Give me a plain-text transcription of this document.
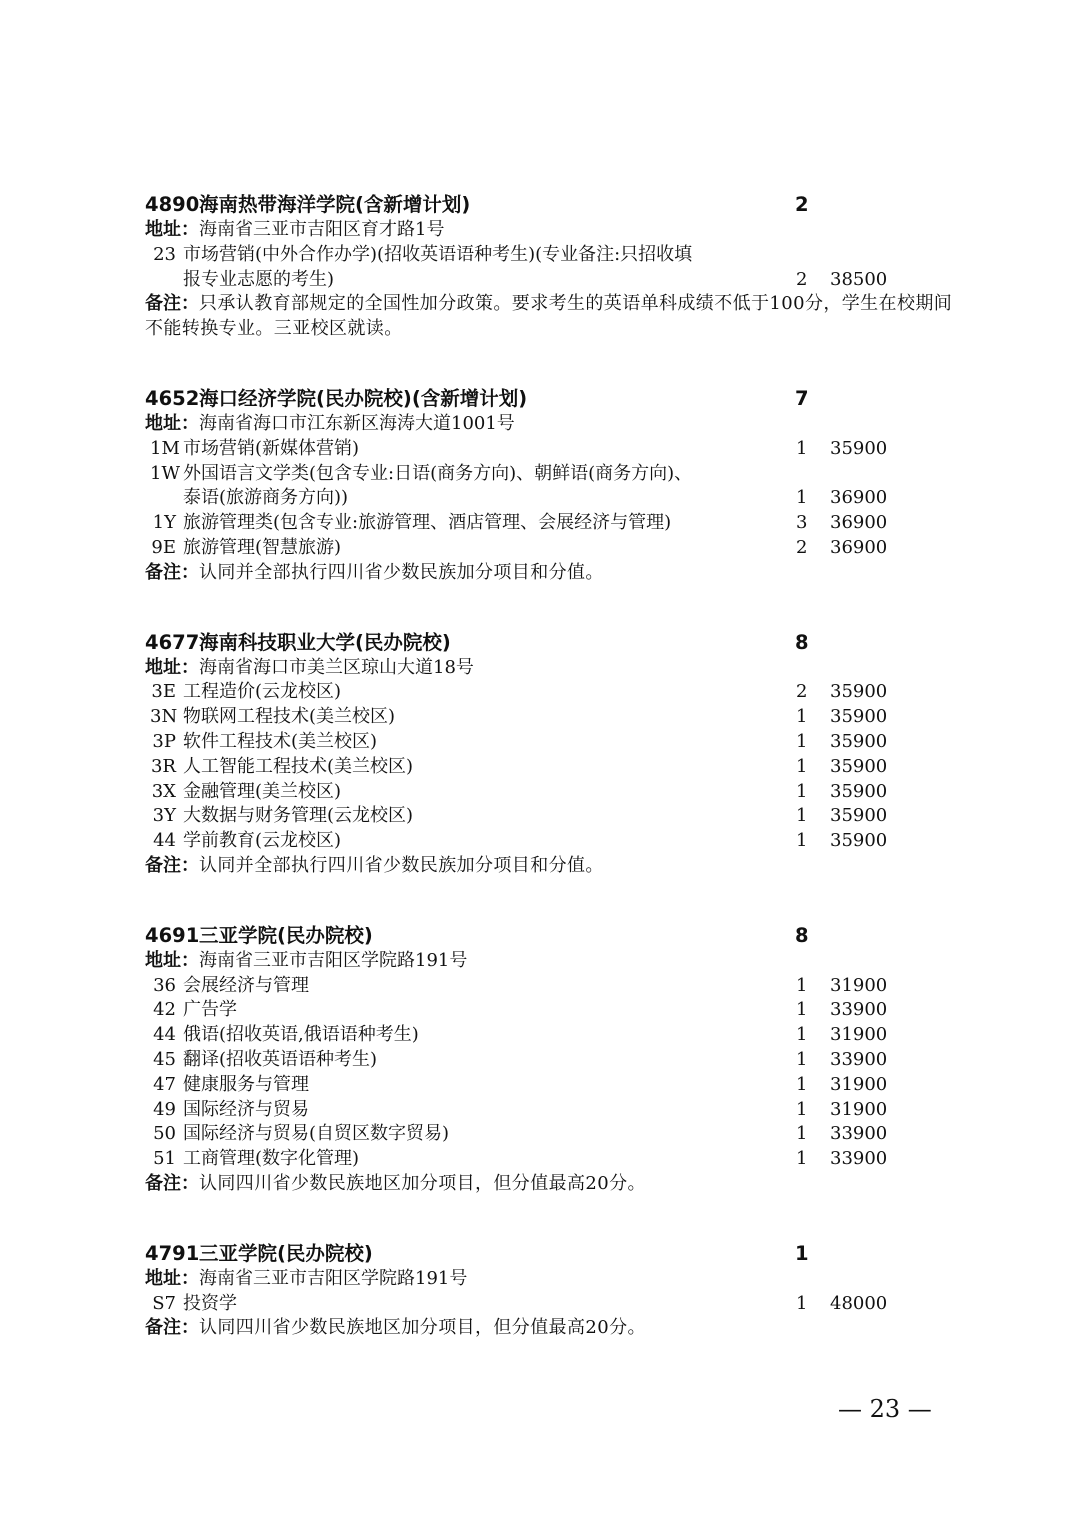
4890 海南热带海洋学院(含新增计划)	2
地址：海南省三亚市吉阳区育才路1号
23 市场营销(中外合作办学)(招收英语语种考生)(专业备注:只招收填
报专业志愿的考生)	2 38500
备注：只承认教育部规定的全国性加分政策。要求考生的英语单科成绩不低于100分，学生在校期间不能转换专业。三亚校区就读。
4652 海口经济学院(民办院校)(含新增计划)	7
地址：海南省海口市江东新区海涛大道1001号
1M 市场营销(新媒体营销)	1 35900
1W 外国语言文学类(包含专业:日语(商务方向)、朝鲜语(商务方向)、
泰语(旅游商务方向))	1 36900
1Y 旅游管理类(包含专业:旅游管理、酒店管理、会展经济与管理)	3 36900
9E 旅游管理(智慧旅游)	2 36900
备注：认同并全部执行四川省少数民族加分项目和分值。
4677 海南科技职业大学(民办院校)	8
地址：海南省海口市美兰区琼山大道18号
3E 工程造价(云龙校区)	2 35900
3N 物联网工程技术(美兰校区)	1 35900
3P 软件工程技术(美兰校区)	1 35900
3R 人工智能工程技术(美兰校区)	1 35900
3X 金融管理(美兰校区)	1 35900
3Y 大数据与财务管理(云龙校区)	1 35900
44 学前教育(云龙校区)	1 35900
备注：认同并全部执行四川省少数民族加分项目和分值。
4691 三亚学院(民办院校)	8
地址：海南省三亚市吉阳区学院路191号
36 会展经济与管理	1 31900
42 广告学	1 33900
44 俄语(招收英语,俄语语种考生)	1 31900
45 翻译(招收英语语种考生)	1 33900
47 健康服务与管理	1 31900
49 国际经济与贸易	1 31900
50 国际经济与贸易(自贸区数字贸易)	1 33900
51 工商管理(数字化管理)	1 33900
备注：认同四川省少数民族地区加分项目，但分值最高20分。
4791 三亚学院(民办院校)	1
地址：海南省三亚市吉阳区学院路191号
S7 投资学	1 48000
备注：认同四川省少数民族地区加分项目，但分值最高20分。
— 23 —
